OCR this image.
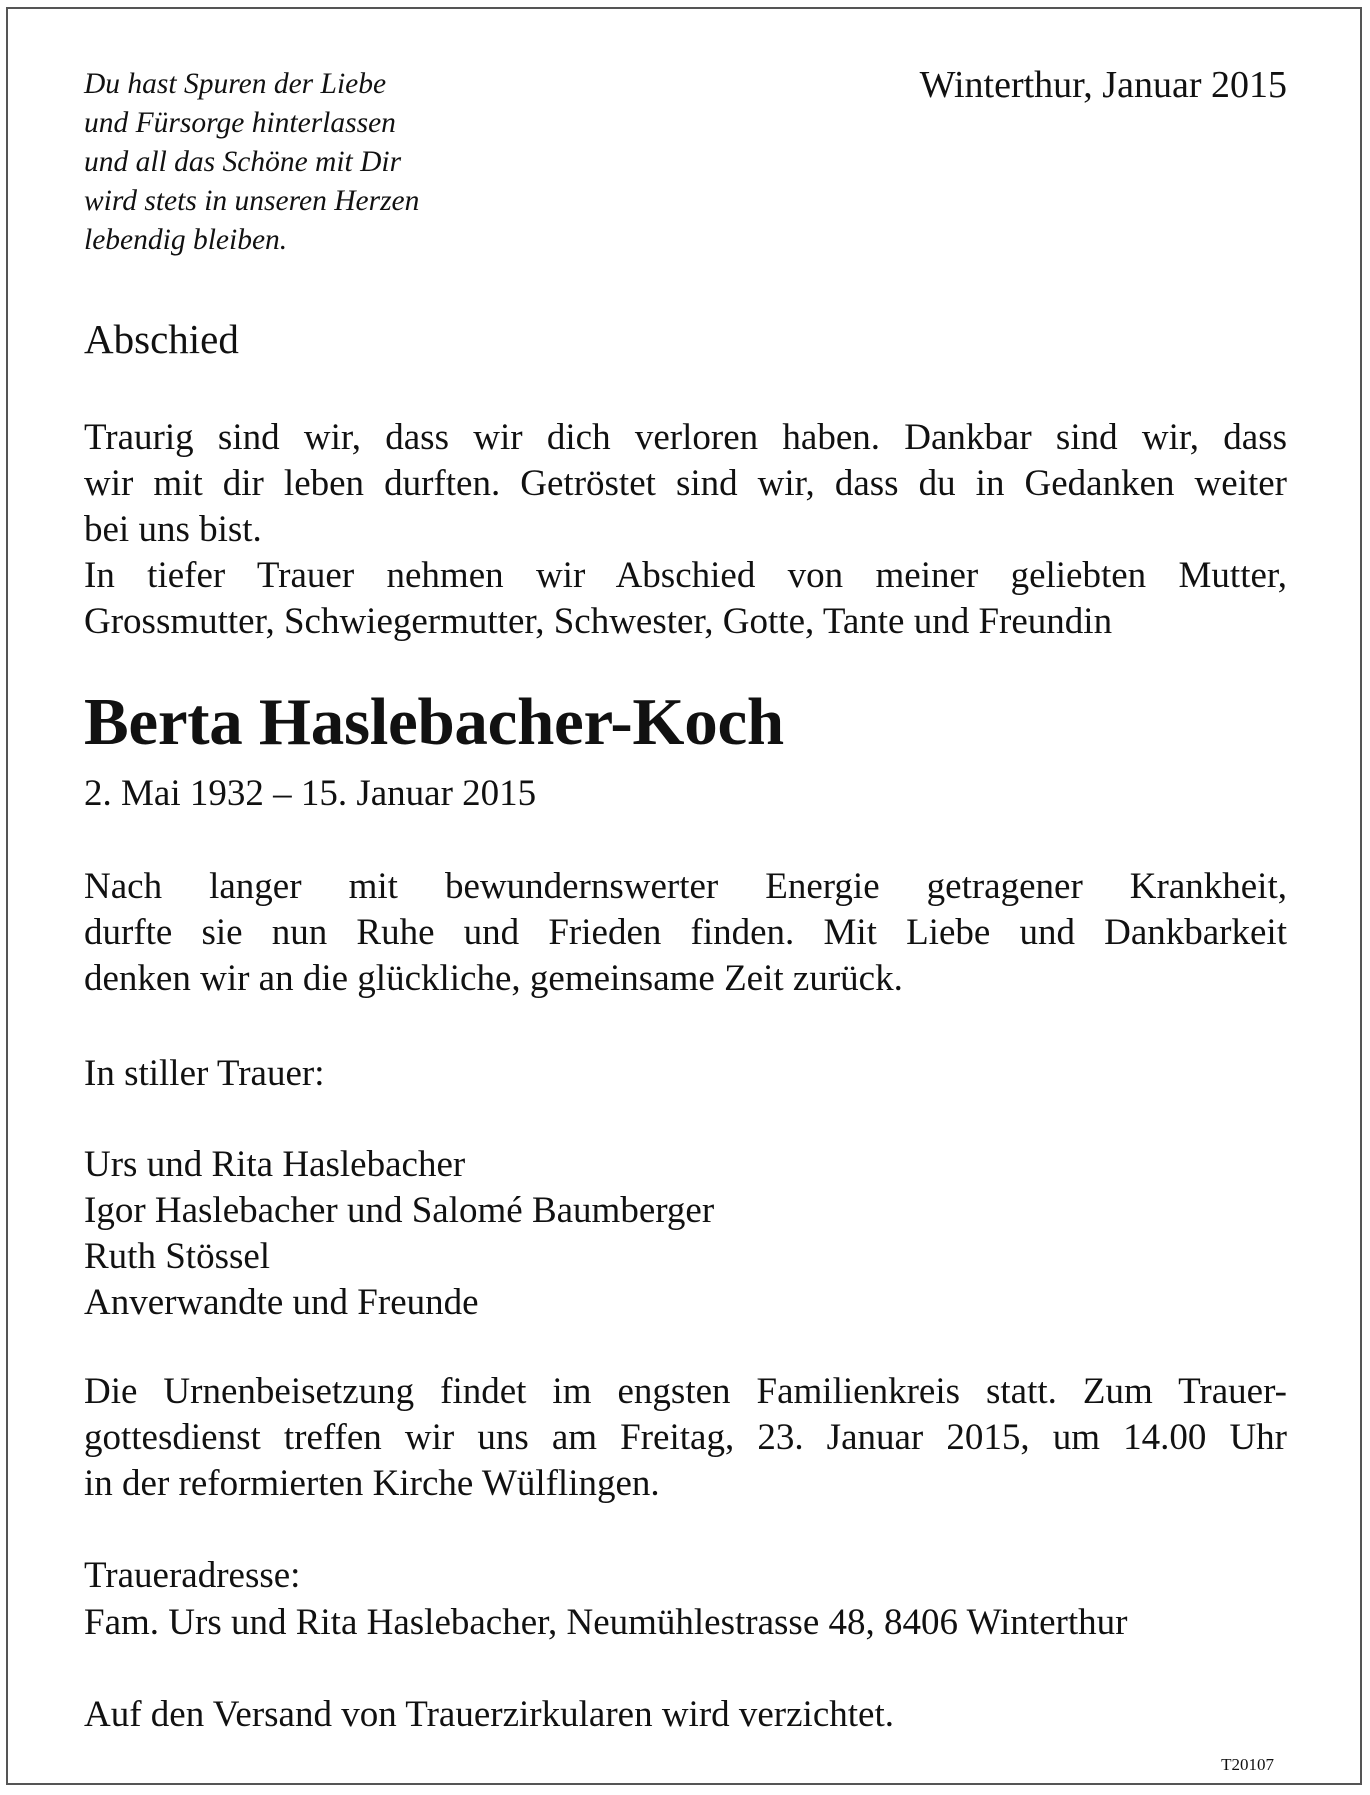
Du hast Spuren der Liebe
und Fürsorge hinterlassen
und all das Schöne mit Dir
wird stets in unseren Herzen
lebendig bleiben.

Winterthur, Januar 2015

Abschied

Traurig sind wir, dass wir dich verloren haben. Dankbar sind wir, dass
wir mit dir leben durften. Getröstet sind wir, dass du in Gedanken weiter
bei uns bist.
In tiefer Trauer nehmen wir Abschied von meiner geliebten Mutter,
Grossmutter, Schwiegermutter, Schwester, Gotte, Tante und Freundin
Berta Haslebacher-Koch

2. Mai 1932 – 15. Januar 2015

Nach langer mit bewundernswerter Energie getragener Krankheit,
durfte sie nun Ruhe und Frieden finden. Mit Liebe und Dankbarkeit
denken wir an die glückliche, gemeinsame Zeit zurück.

In stiller Trauer:

Urs und Rita Haslebacher
Igor Haslebacher und Salomé Baumberger
Ruth Stössel
Anverwandte und Freunde
Die Urnenbeisetzung findet im engsten Familienkreis statt. Zum Trauer-
gottesdienst treffen wir uns am Freitag, 23. Januar 2015, um 14.00 Uhr
in der reformierten Kirche Wülflingen.

Traueradresse:

Fam. Urs und Rita Haslebacher, Neumühlestrasse 48, 8406 Winterthur

Auf den Versand von Trauerzirkularen wird verzichtet.

T20107
